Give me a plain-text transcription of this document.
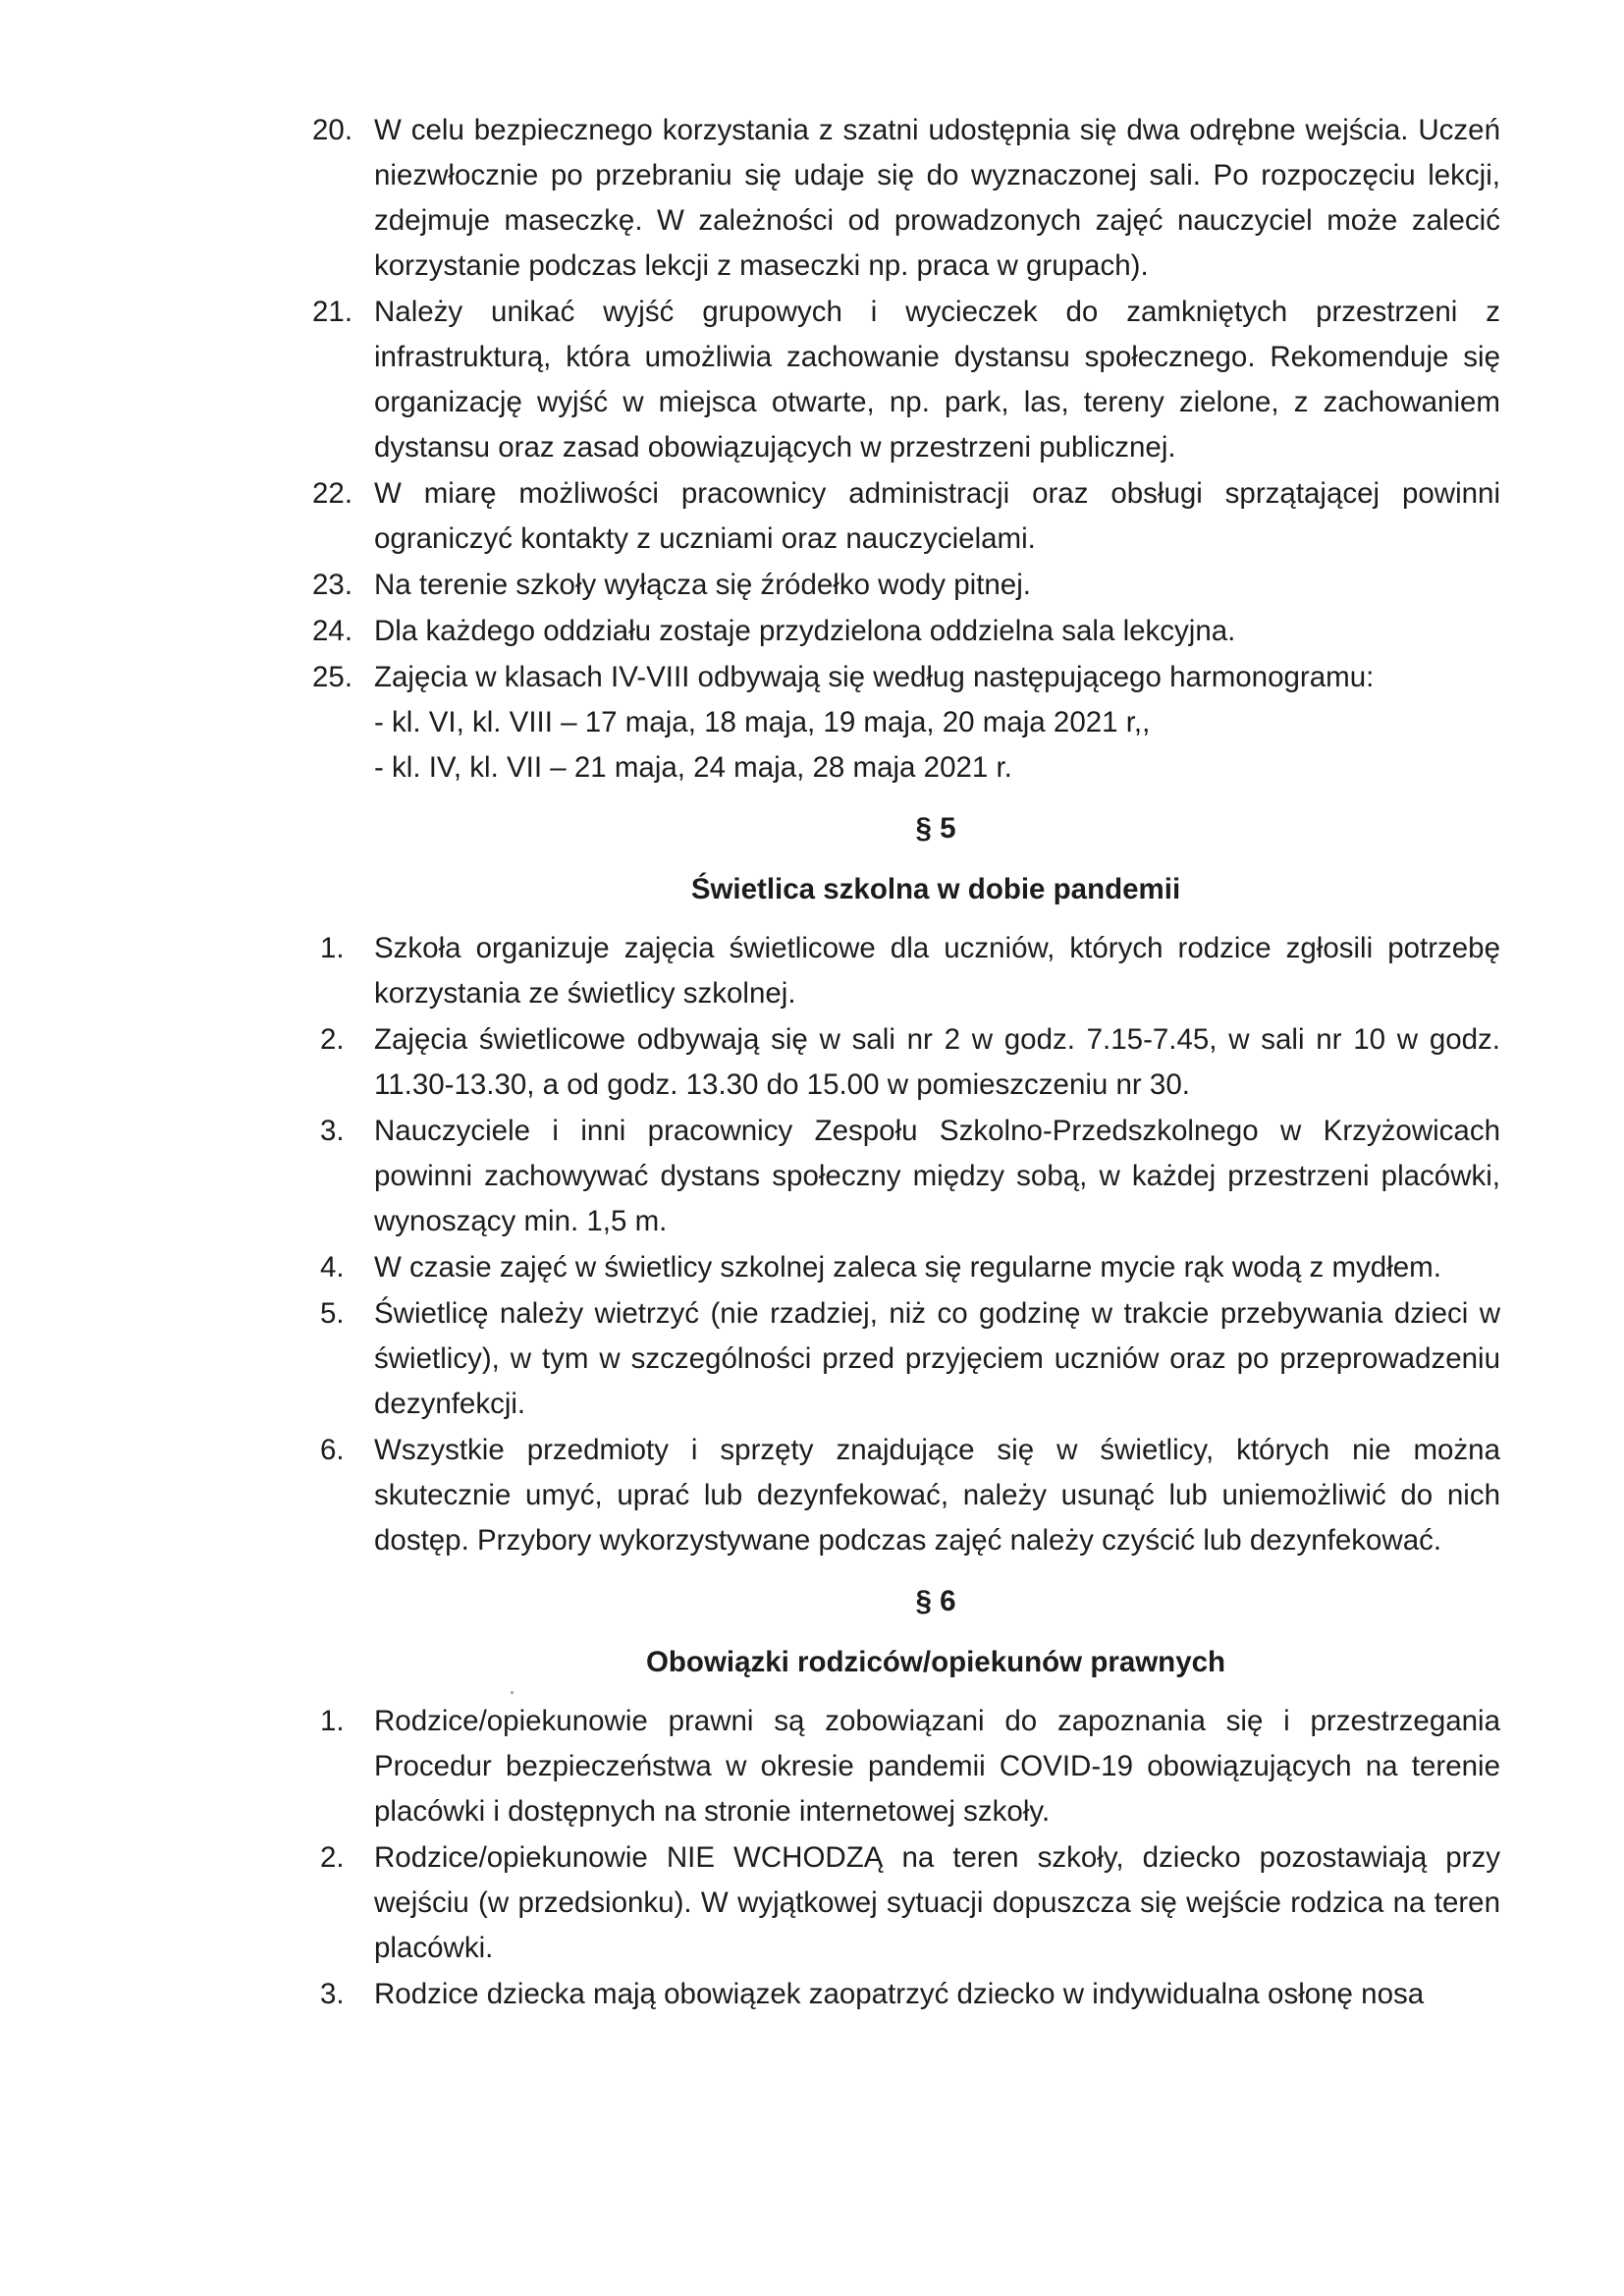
20. W celu bezpiecznego korzystania z szatni udostępnia się dwa odrębne wejścia. Uczeń niezwłocznie po przebraniu się udaje się do wyznaczonej sali. Po rozpoczęciu lekcji, zdejmuje maseczkę. W zależności od prowadzonych zajęć nauczyciel może zalecić korzystanie podczas lekcji z maseczki np. praca w grupach).
21. Należy unikać wyjść grupowych i wycieczek do zamkniętych przestrzeni z infrastrukturą, która umożliwia zachowanie dystansu społecznego. Rekomenduje się organizację wyjść w miejsca otwarte, np. park, las, tereny zielone, z zachowaniem dystansu oraz zasad obowiązujących w przestrzeni publicznej.
22. W miarę możliwości pracownicy administracji oraz obsługi sprzątającej powinni ograniczyć kontakty z uczniami oraz nauczycielami.
23. Na terenie szkoły wyłącza się źródełko wody pitnej.
24. Dla każdego oddziału zostaje przydzielona oddzielna sala lekcyjna.
25. Zajęcia w klasach IV-VIII odbywają się według następującego harmonogramu:
- kl. VI, kl. VIII – 17 maja, 18 maja, 19 maja, 20 maja 2021 r,,
- kl. IV, kl. VII – 21 maja, 24 maja, 28 maja 2021 r.
§ 5
Świetlica szkolna w dobie pandemii
1.	Szkoła organizuje zajęcia świetlicowe dla uczniów, których rodzice zgłosili potrzebę korzystania ze świetlicy szkolnej.
2.	Zajęcia świetlicowe odbywają się w sali nr 2 w godz. 7.15-7.45, w sali nr 10 w godz. 11.30-13.30, a od godz. 13.30 do 15.00 w pomieszczeniu nr 30.
3.	Nauczyciele i inni pracownicy Zespołu Szkolno-Przedszkolnego w Krzyżowicach powinni zachowywać dystans społeczny między sobą, w każdej przestrzeni placówki, wynoszący min. 1,5 m.
4.	W czasie zajęć w świetlicy szkolnej zaleca się regularne mycie rąk wodą z mydłem.
5.	Świetlicę należy wietrzyć (nie rzadziej, niż co godzinę w trakcie przebywania dzieci w świetlicy), w tym w szczególności przed przyjęciem uczniów oraz po przeprowadzeniu dezynfekcji.
6.	Wszystkie przedmioty i sprzęty znajdujące się w świetlicy, których nie można skutecznie umyć, uprać lub dezynfekować, należy usunąć lub uniemożliwić do nich dostęp. Przybory wykorzystywane podczas zajęć należy czyścić lub dezynfekować.
§ 6
Obowiązki rodziców/opiekunów prawnych
1.	Rodzice/opiekunowie prawni są zobowiązani do zapoznania się i przestrzegania Procedur bezpieczeństwa w okresie pandemii COVID-19 obowiązujących na terenie placówki i dostępnych na stronie internetowej szkoły.
2.	Rodzice/opiekunowie NIE WCHODZĄ na teren szkoły, dziecko pozostawiają przy wejściu (w przedsionku). W wyjątkowej sytuacji dopuszcza się wejście rodzica na teren placówki.
3.	Rodzice dziecka mają obowiązek zaopatrzyć dziecko w indywidualna osłonę nosa
